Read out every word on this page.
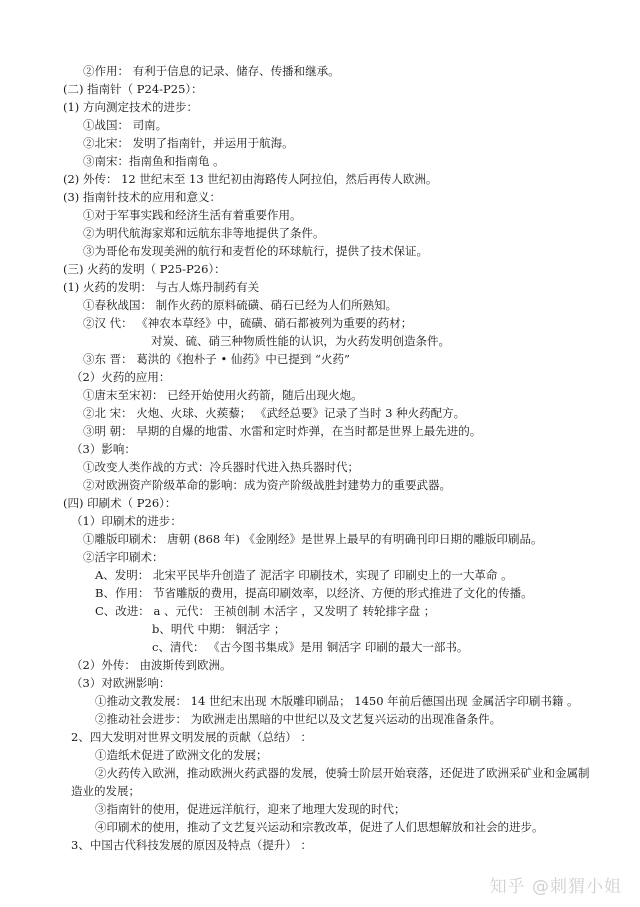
②作用： 有利于信息的记录、储存、传播和继承。
(二) 指南针（ P24-P25）：
(1) 方向测定技术的进步：
①战国： 司南。
②北宋： 发明了指南针，并运用于航海。
③南宋：指南鱼和指南龟 。
(2) 外传： 12 世纪末至 13 世纪初由海路传人阿拉伯，然后再传人欧洲。
(3) 指南针技术的应用和意义：
①对于军事实践和经济生活有着重要作用。
②为明代航海家郑和远航东非等地提供了条件。
③为哥伦布发现美洲的航行和麦哲伦的环球航行，提供了技术保证。
(三) 火药的发明（ P25-P26）：
(1) 火药的发明： 与古人炼丹制药有关
①春秋战国： 制作火药的原料硫磺、硝石已经为人们所熟知。
②汉 代： 《神农本草经》中，硫磺、硝石都被列为重要的药材；
对炭、硫、硝三种物质性能的认识，为火药发明创造条件。
③东 晋： 葛洪的《抱朴子 • 仙药》中已提到 “火药”
（2）火药的应用：
①唐末至宋初： 已经开始使用火药箭，随后出现火炮。
②北 宋： 火炮、火球、火蒺藜； 《武经总要》记录了当时 3 种火药配方。
③明 朝： 早期的自爆的地雷、水雷和定时炸弹，在当时都是世界上最先进的。
（3）影响：
①改变人类作战的方式：冷兵器时代进入热兵器时代；
②对欧洲资产阶级革命的影响：成为资产阶级战胜封建势力的重要武器。
(四) 印刷术（ P26）：
（1）印刷术的进步：
①雕版印刷术： 唐朝 (868 年) 《金刚经》是世界上最早的有明确刊印日期的雕版印刷品。
②活字印刷术：
A、发明： 北宋平民毕升创造了 泥活字 印刷技术，实现了 印刷史上的一大革命 。
B、作用： 节省雕版的费用，提高印刷效率，以经济、方便的形式推进了文化的传播。
C、改进： a 、元代： 王祯创制 木活字 ，又发明了 转轮排字盘 ；
b、明代 中期： 铜活字 ；
c、清代： 《古今图书集成》是用 铜活字 印刷的最大一部书。
（2）外传： 由波斯传到欧洲。
（3）对欧洲影响：
①推动文教发展： 14 世纪末出现 木版雕印刷品； 1450 年前后德国出现 金属活字印刷书籍 。
②推动社会进步： 为欧洲走出黑暗的中世纪以及文艺复兴运动的出现准备条件。
2、四大发明对世界文明发展的贡献（总结） ：
①造纸术促进了欧洲文化的发展；
②火药传入欧洲，推动欧洲火药武器的发展，使骑士阶层开始衰落，还促进了欧洲采矿业和金属制
造业的发展；
③指南针的使用，促进远洋航行，迎来了地理大发现的时代；
④印刷术的使用，推动了文艺复兴运动和宗教改革，促进了人们思想解放和社会的进步。
3、中国古代科技发展的原因及特点（提升） ：
知乎 @刺猬小姐
